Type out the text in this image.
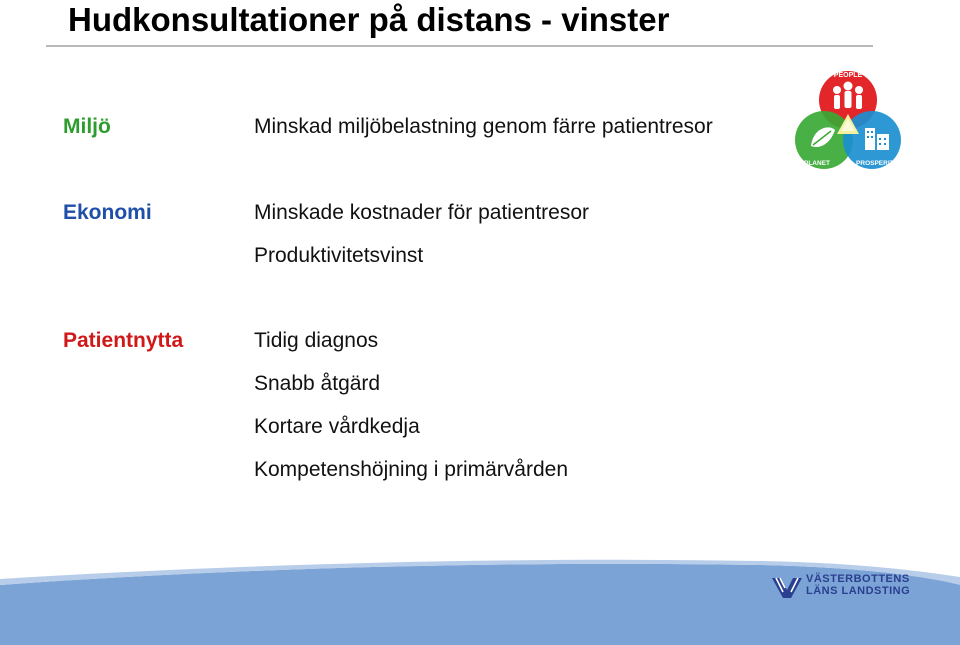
Hudkonsultationer på distans - vinster
Miljö	Minskad miljöbelastning genom färre patientresor
Ekonomi	Minskade kostnader för patientresor
Produktivitetsvinst
Patientnytta	Tidig diagnos
Snabb åtgärd
Kortare vårdkedja
Kompetenshöjning i primärvården
PEOPLE
PLANET	PROSPERITY
VÄSTERBOTTENS
LÄNS LANDSTING
